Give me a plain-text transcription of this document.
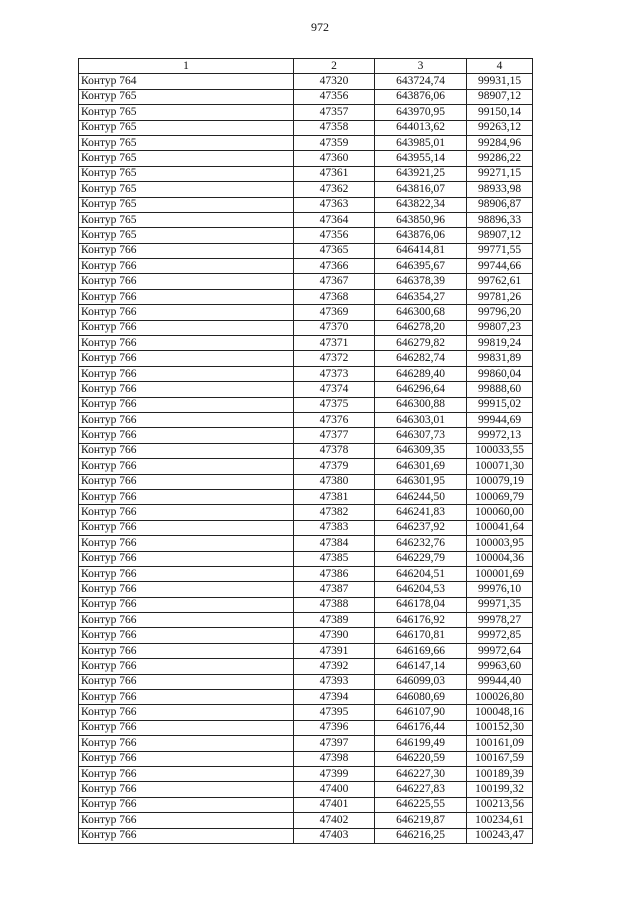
972
1	2	3	4
Контур 764	47320	643724,74	99931,15
Контур 765	47356	643876,06	98907,12
Контур 765	47357	643970,95	99150,14
Контур 765	47358	644013,62	99263,12
Контур 765	47359	643985,01	99284,96
Контур 765	47360	643955,14	99286,22
Контур 765	47361	643921,25	99271,15
Контур 765	47362	643816,07	98933,98
Контур 765	47363	643822,34	98906,87
Контур 765	47364	643850,96	98896,33
Контур 765	47356	643876,06	98907,12
Контур 766	47365	646414,81	99771,55
Контур 766	47366	646395,67	99744,66
Контур 766	47367	646378,39	99762,61
Контур 766	47368	646354,27	99781,26
Контур 766	47369	646300,68	99796,20
Контур 766	47370	646278,20	99807,23
Контур 766	47371	646279,82	99819,24
Контур 766	47372	646282,74	99831,89
Контур 766	47373	646289,40	99860,04
Контур 766	47374	646296,64	99888,60
Контур 766	47375	646300,88	99915,02
Контур 766	47376	646303,01	99944,69
Контур 766	47377	646307,73	99972,13
Контур 766	47378	646309,35	100033,55
Контур 766	47379	646301,69	100071,30
Контур 766	47380	646301,95	100079,19
Контур 766	47381	646244,50	100069,79
Контур 766	47382	646241,83	100060,00
Контур 766	47383	646237,92	100041,64
Контур 766	47384	646232,76	100003,95
Контур 766	47385	646229,79	100004,36
Контур 766	47386	646204,51	100001,69
Контур 766	47387	646204,53	99976,10
Контур 766	47388	646178,04	99971,35
Контур 766	47389	646176,92	99978,27
Контур 766	47390	646170,81	99972,85
Контур 766	47391	646169,66	99972,64
Контур 766	47392	646147,14	99963,60
Контур 766	47393	646099,03	99944,40
Контур 766	47394	646080,69	100026,80
Контур 766	47395	646107,90	100048,16
Контур 766	47396	646176,44	100152,30
Контур 766	47397	646199,49	100161,09
Контур 766	47398	646220,59	100167,59
Контур 766	47399	646227,30	100189,39
Контур 766	47400	646227,83	100199,32
Контур 766	47401	646225,55	100213,56
Контур 766	47402	646219,87	100234,61
Контур 766	47403	646216,25	100243,47
